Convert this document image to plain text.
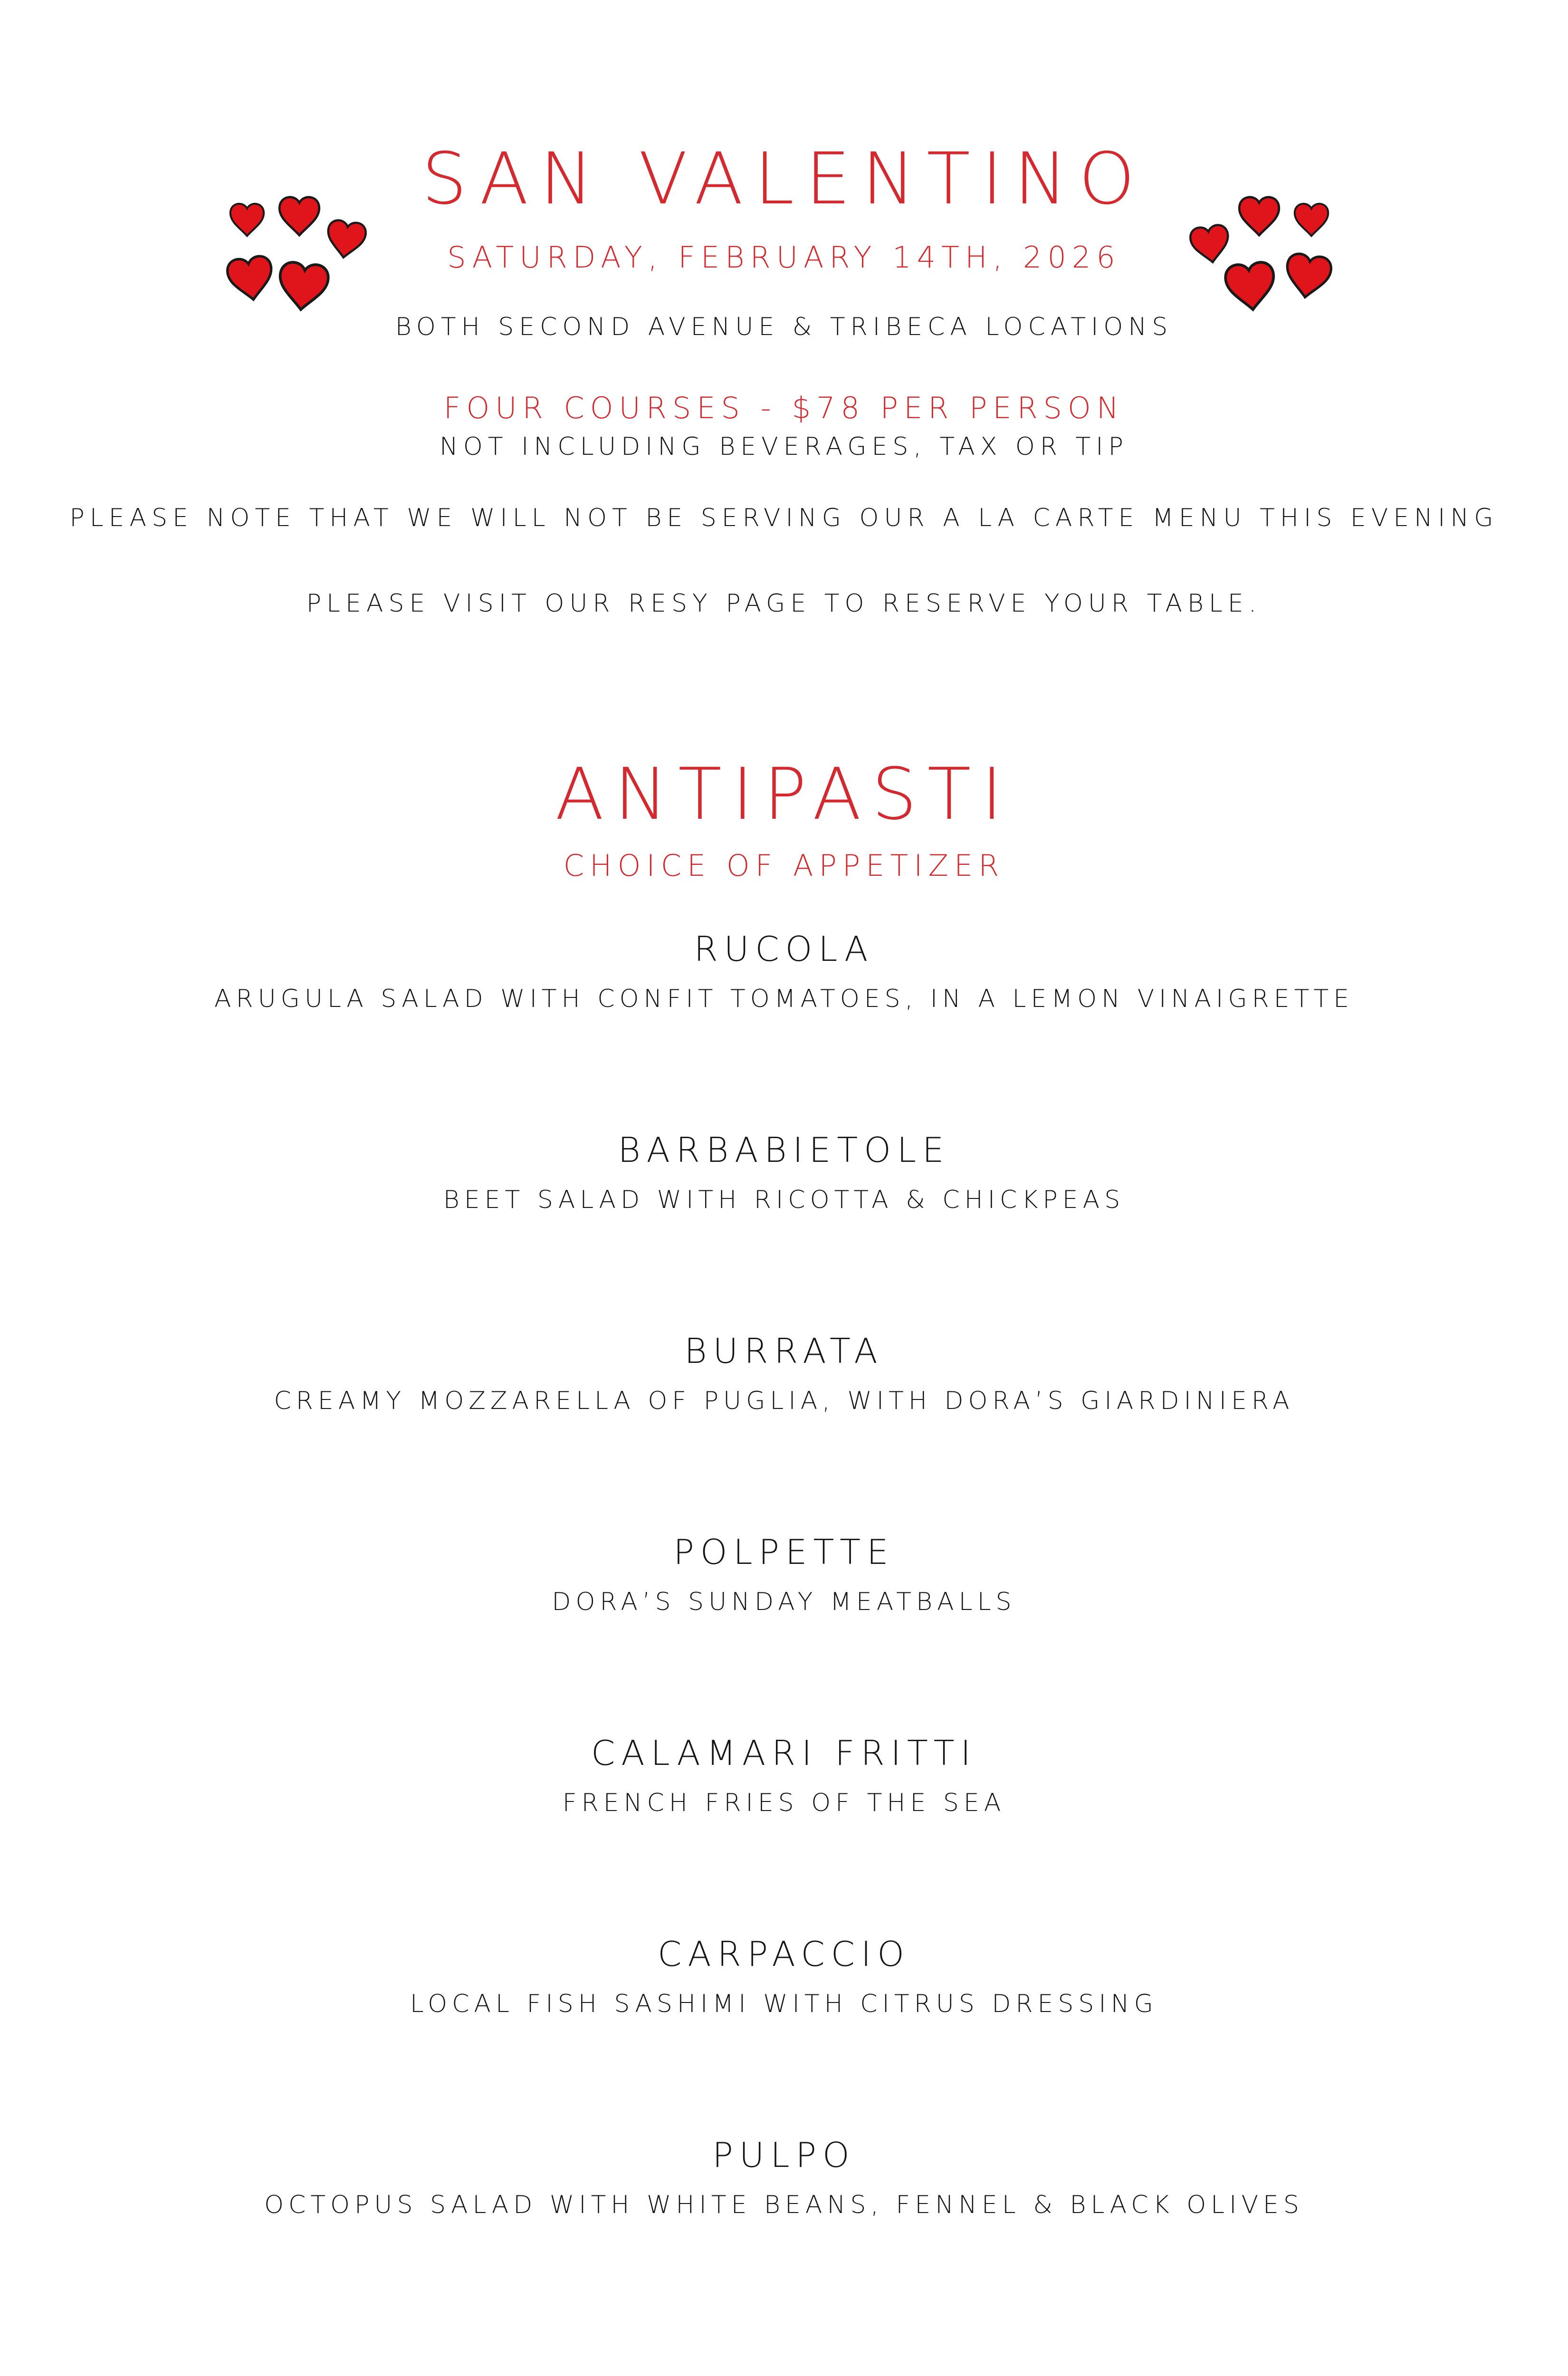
SAN VALENTINO
SATURDAY, FEBRUARY 14TH, 2026
BOTH SECOND AVENUE & TRIBECA LOCATIONS
FOUR COURSES - $78 PER PERSON
NOT INCLUDING BEVERAGES, TAX OR TIP
PLEASE NOTE THAT WE WILL NOT BE SERVING OUR A LA CARTE MENU THIS EVENING
PLEASE VISIT OUR RESY PAGE TO RESERVE YOUR TABLE.
ANTIPASTI
CHOICE OF APPETIZER
RUCOLA
ARUGULA SALAD WITH CONFIT TOMATOES, IN A LEMON VINAIGRETTE
BARBABIETOLE
BEET SALAD WITH RICOTTA & CHICKPEAS
BURRATA
CREAMY MOZZARELLA OF PUGLIA, WITH DORA’S GIARDINIERA
POLPETTE
DORA’S SUNDAY MEATBALLS
CALAMARI FRITTI
FRENCH FRIES OF THE SEA
CARPACCIO
LOCAL FISH SASHIMI WITH CITRUS DRESSING
PULPO
OCTOPUS SALAD WITH WHITE BEANS, FENNEL & BLACK OLIVES
